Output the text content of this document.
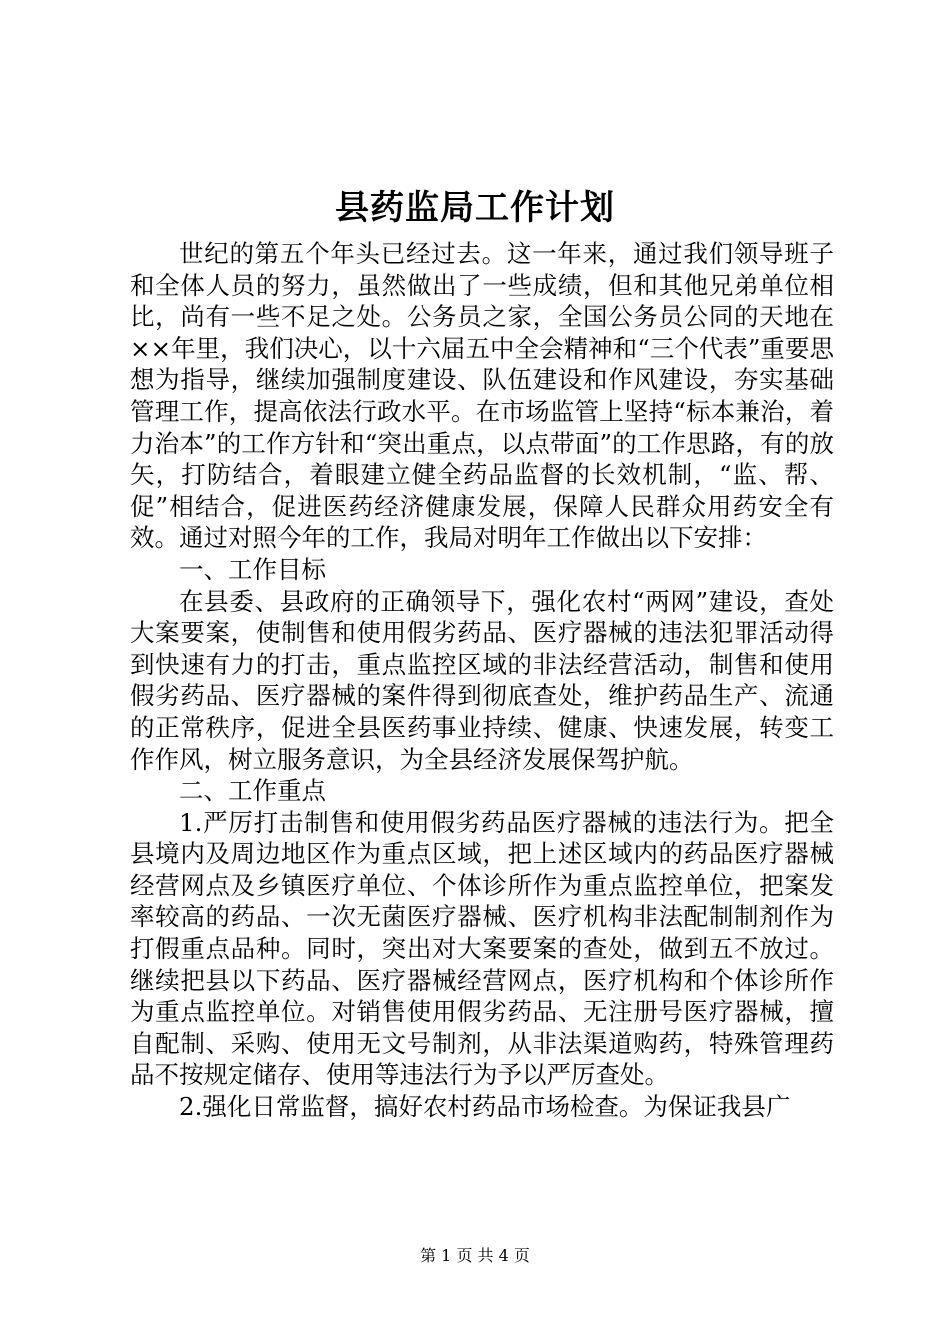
县药监局工作计划

世纪的第五个年头已经过去。这一年来，通过我们领导班子和全体人员的努力，虽然做出了一些成绩，但和其他兄弟单位相比，尚有一些不足之处。公务员之家，全国公务员公同的天地在××年里，我们决心，以十六届五中全会精神和“三个代表”重要思想为指导，继续加强制度建设、队伍建设和作风建设，夯实基础管理工作，提高依法行政水平。在市场监管上坚持“标本兼治，着力治本”的工作方针和“突出重点，以点带面”的工作思路，有的放矢，打防结合，着眼建立健全药品监督的长效机制，“监、帮、促”相结合，促进医药经济健康发展，保障人民群众用药安全有效。通过对照今年的工作，我局对明年工作做出以下安排：

一、工作目标

在县委、县政府的正确领导下，强化农村“两网”建设，查处大案要案，使制售和使用假劣药品、医疗器械的违法犯罪活动得到快速有力的打击，重点监控区域的非法经营活动，制售和使用假劣药品、医疗器械的案件得到彻底查处，维护药品生产、流通的正常秩序，促进全县医药事业持续、健康、快速发展，转变工作作风，树立服务意识，为全县经济发展保驾护航。

二、工作重点

1.严厉打击制售和使用假劣药品医疗器械的违法行为。把全县境内及周边地区作为重点区域，把上述区域内的药品医疗器械经营网点及乡镇医疗单位、个体诊所作为重点监控单位，把案发率较高的药品、一次无菌医疗器械、医疗机构非法配制制剂作为打假重点品种。同时，突出对大案要案的查处，做到五不放过。继续把县以下药品、医疗器械经营网点，医疗机构和个体诊所作为重点监控单位。对销售使用假劣药品、无注册号医疗器械，擅自配制、采购、使用无文号制剂，从非法渠道购药，特殊管理药品不按规定储存、使用等违法行为予以严厉查处。

2.强化日常监督，搞好农村药品市场检查。为保证我县广

第 1 页 共 4 页
